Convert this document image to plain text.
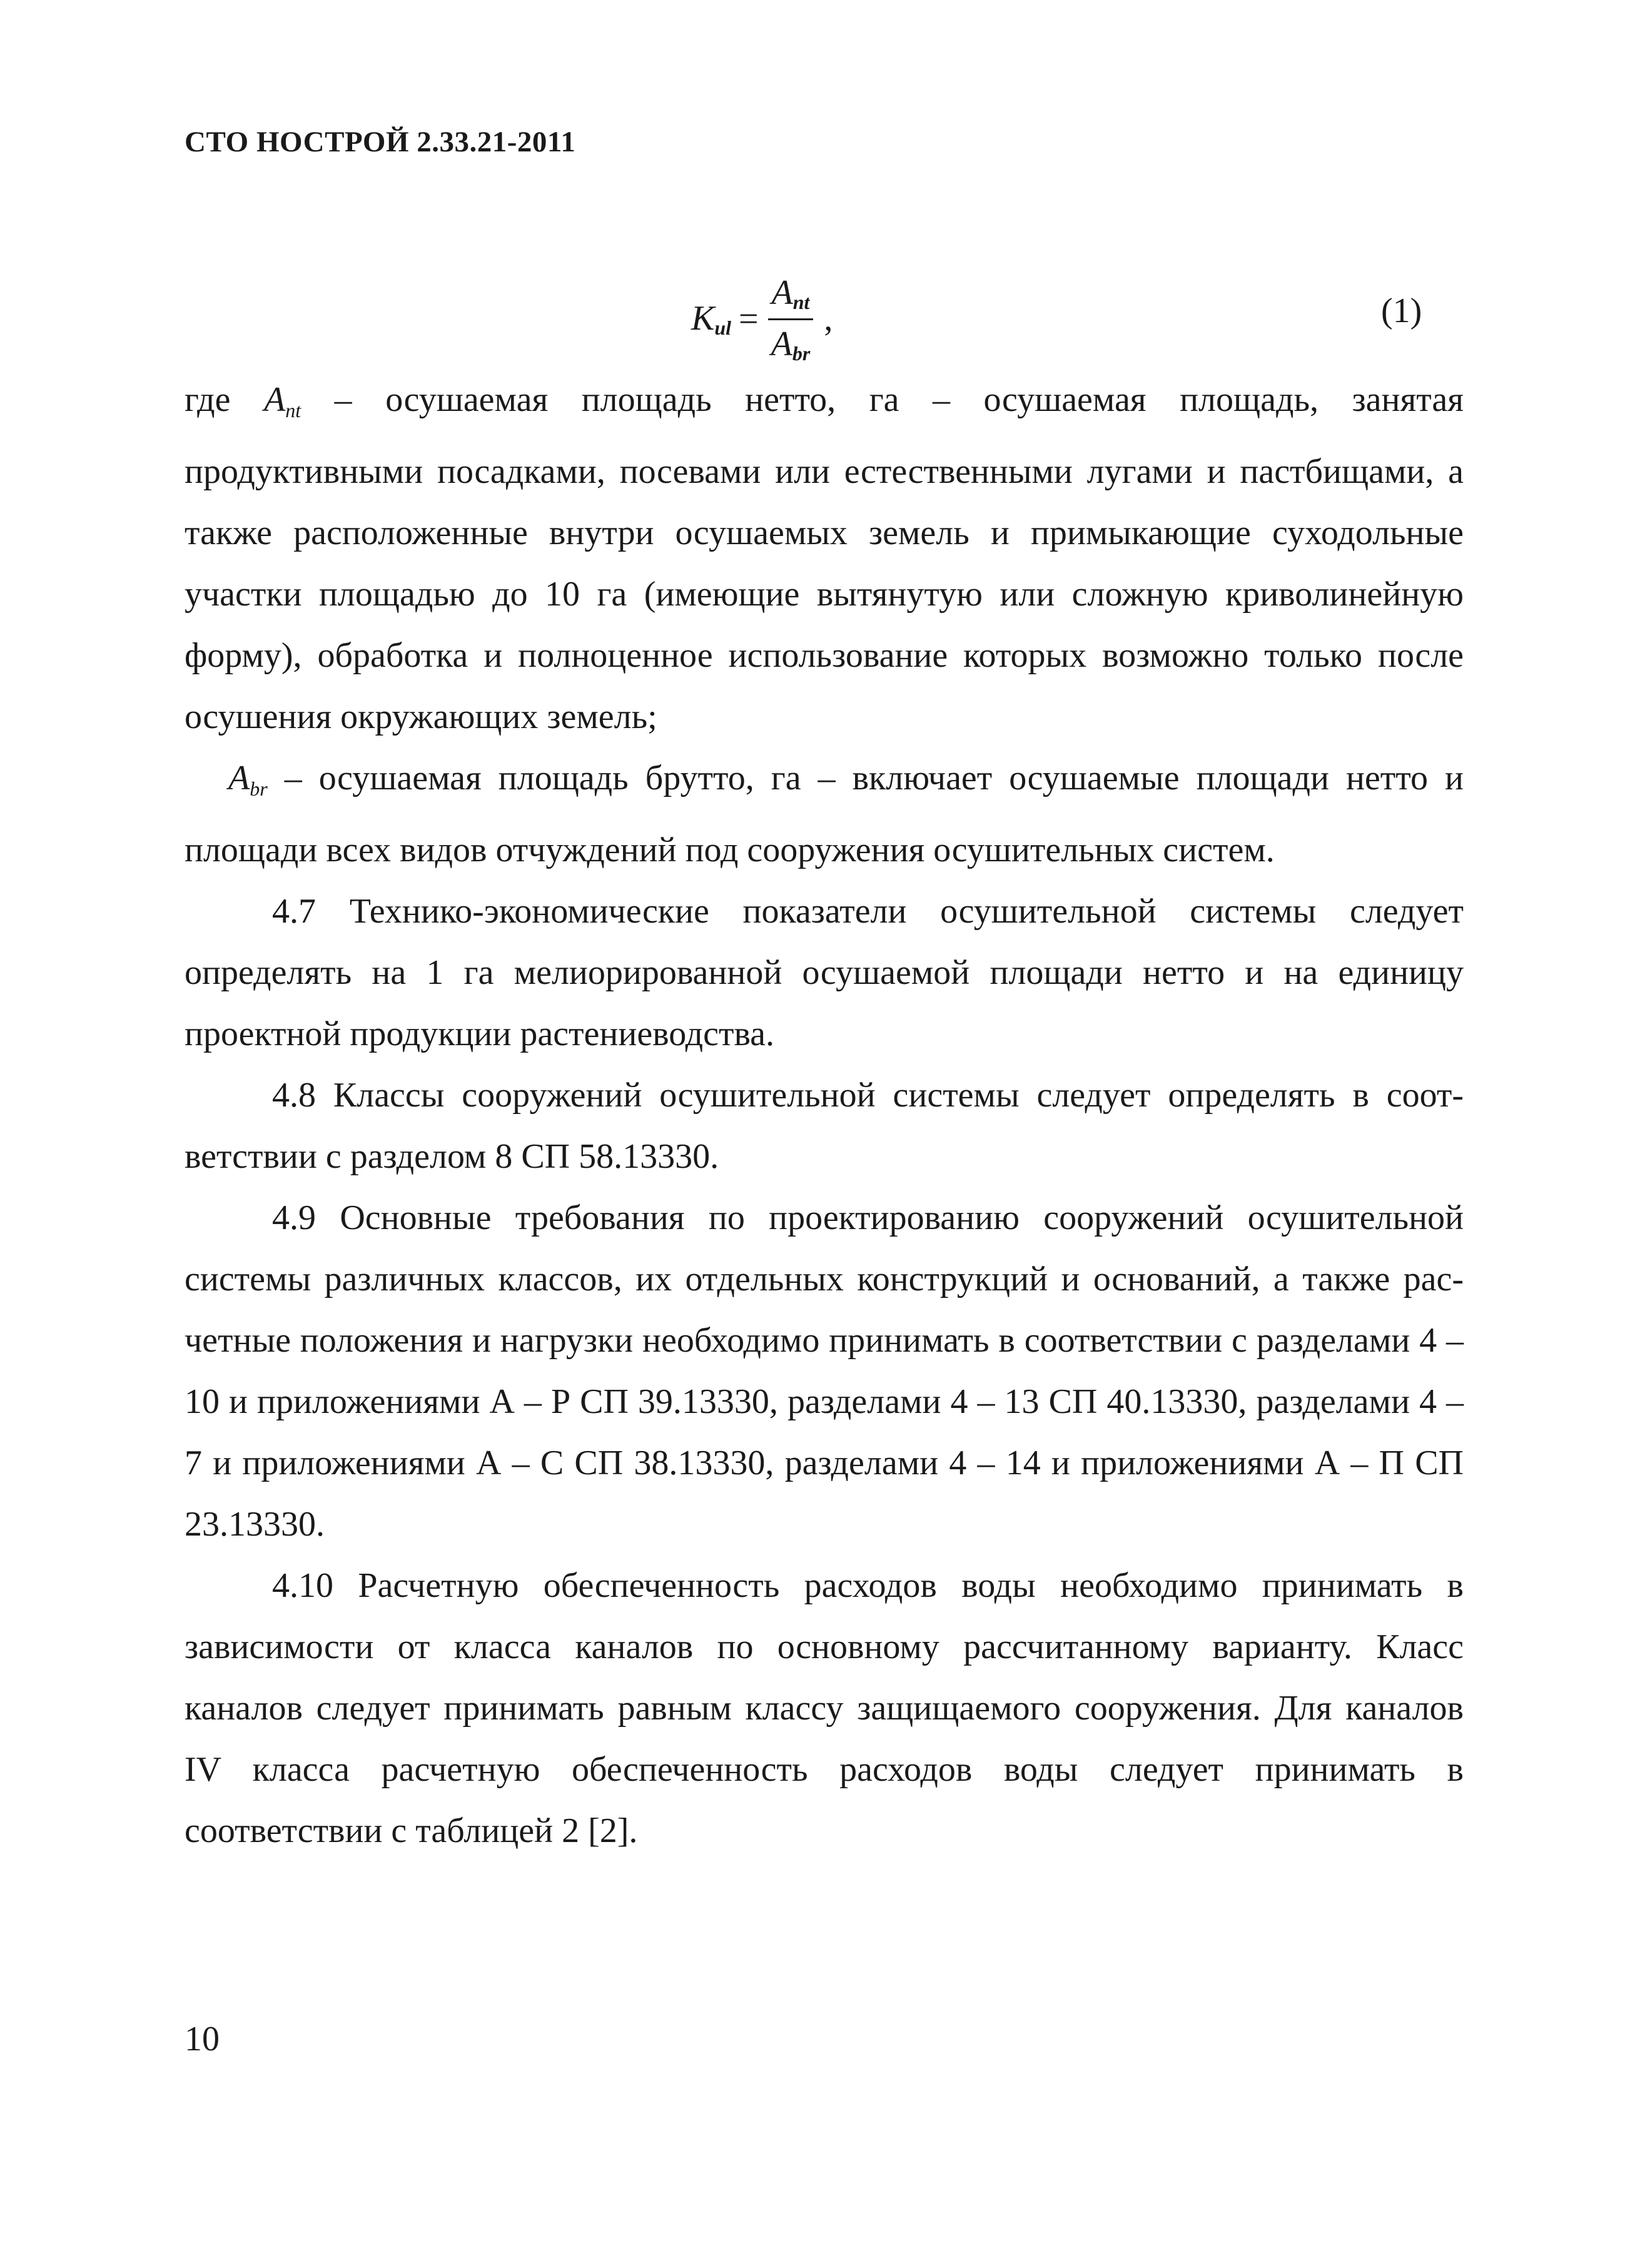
СТО НОСТРОЙ 2.33.21-2011
$K_{ul} = \frac{A_{nt}}{A_{br}}$ ,	(1)

где $A_{nt}$ – осушаемая площадь нетто, га – осушаемая площадь, занятая продуктивными посадками, посевами или естественными лугами и пастбищами, а также расположенные внутри осушаемых земель и примыкающие суходольные участки площадью до 10 га (имеющие вытянутую или сложную криволинейную форму), обработка и полноценное использование которых возможно только после осушения окружающих земель;

$A_{br}$ – осушаемая площадь брутто, га – включает осушаемые площади нетто и площади всех видов отчуждений под сооружения осушительных систем.

4.7 Технико-экономические показатели осушительной системы следует определять на 1 га мелиорированной осушаемой площади нетто и на единицу проектной продукции растениеводства.

4.8 Классы сооружений осушительной системы следует определять в соответствии с разделом 8 СП 58.13330.

4.9 Основные требования по проектированию сооружений осушительной системы различных классов, их отдельных конструкций и оснований, а также расчетные положения и нагрузки необходимо принимать в соответствии с разделами 4 – 10 и приложениями А – Р СП 39.13330, разделами 4 – 13 СП 40.13330, разделами 4 – 7 и приложениями А – С СП 38.13330, разделами 4 – 14 и приложениями А – П СП 23.13330.

4.10 Расчетную обеспеченность расходов воды необходимо принимать в зависимости от класса каналов по основному рассчитанному варианту. Класс каналов следует принимать равным классу защищаемого сооружения. Для каналов IV класса расчетную обеспеченность расходов воды следует принимать в соответствии с таблицей 2 [2].

10
